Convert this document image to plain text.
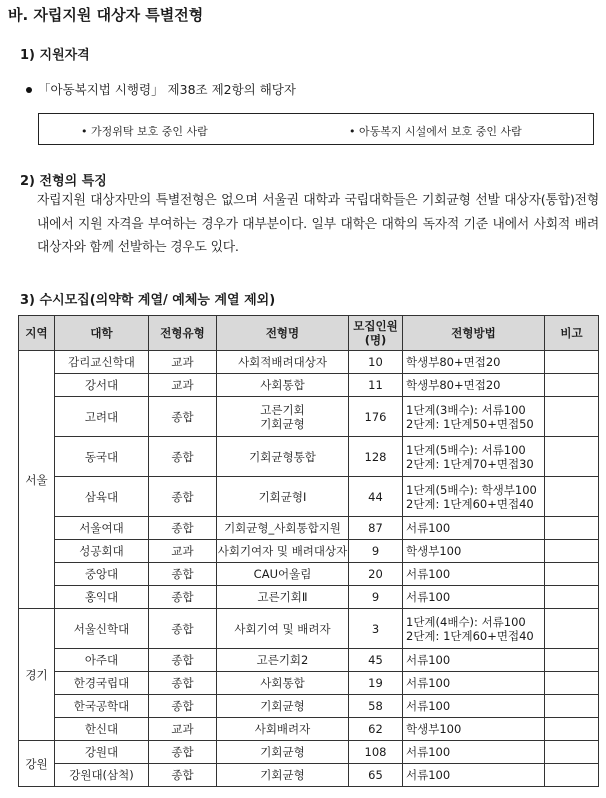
바. 자립지원 대상자 특별전형
1) 지원자격
「아동복지법 시행령」 제38조 제2항의 해당자
• 가정위탁 보호 중인 사람	• 아동복지 시설에서 보호 중인 사람
2) 전형의 특징
자립지원 대상자만의 특별전형은 없으며 서울권 대학과 국립대학들은 기회균형 선발 대상자(통합)전형 내에서 지원 자격을 부여하는 경우가 대부분이다. 일부 대학은 대학의 독자적 기준 내에서 사회적 배려 대상자와 함께 선발하는 경우도 있다.
3) 수시모집(의약학 계열/ 예체능 계열 제외)
지역	대학	전형유형	전형명	모집인원
(명)	전형방법	비고
서울	감리교신학대	교과	사회적배려대상자	10	학생부80+면접20	
	강서대	교과	사회통합	11	학생부80+면접20	
	고려대	종합	고른기회
기회균형	176	1단계(3배수): 서류100
2단계: 1단계50+면접50	
	동국대	종합	기회균형통합	128	1단계(5배수): 서류100
2단계: 1단계70+면접30	
	삼육대	종합	기회균형Ⅰ	44	1단계(5배수): 학생부100
2단계: 1단계60+면접40	
	서울여대	종합	기회균형_사회통합지원	87	서류100	
	성공회대	교과	사회기여자 및 배려대상자	9	학생부100	
	중앙대	종합	CAU어울림	20	서류100	
	홍익대	종합	고른기회Ⅱ	9	서류100	
경기	서울신학대	종합	사회기여 및 배려자	3	1단계(4배수): 서류100
2단계: 1단계60+면접40	
	아주대	종합	고른기회2	45	서류100	
	한경국립대	종합	사회통합	19	서류100	
	한국공학대	종합	기회균형	58	서류100	
	한신대	교과	사회배려자	62	학생부100	
강원	강원대	종합	기회균형	108	서류100	
	강원대(삼척)	종합	기회균형	65	서류100	
